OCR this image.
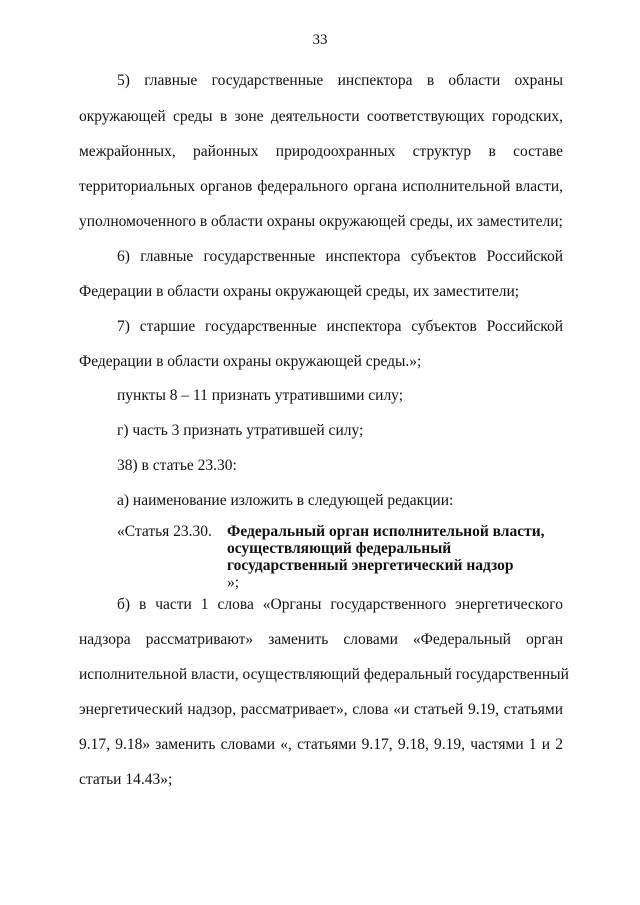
33
5) главные государственные инспектора в области охраны
окружающей среды в зоне деятельности соответствующих городских,
межрайонных, районных природоохранных структур в составе
территориальных органов федерального органа исполнительной власти,
уполномоченного в области охраны окружающей среды, их заместители;
6) главные государственные инспектора субъектов Российской
Федерации в области охраны окружающей среды, их заместители;
7) старшие государственные инспектора субъектов Российской
Федерации в области охраны окружающей среды.»;
пункты 8 – 11 признать утратившими силу;
г) часть 3 признать утратившей силу;
38) в статье 23.30:
а) наименование изложить в следующей редакции:
«Статья 23.30. Федеральный орган исполнительной власти,
осуществляющий федеральный
государственный энергетический надзор
»;
б) в части 1 слова «Органы государственного энергетического
надзора рассматривают» заменить словами «Федеральный орган
исполнительной власти, осуществляющий федеральный государственный
энергетический надзор, рассматривает», слова «и статьей 9.19, статьями
9.17, 9.18» заменить словами «, статьями 9.17, 9.18, 9.19, частями 1 и 2
статьи 14.43»;
